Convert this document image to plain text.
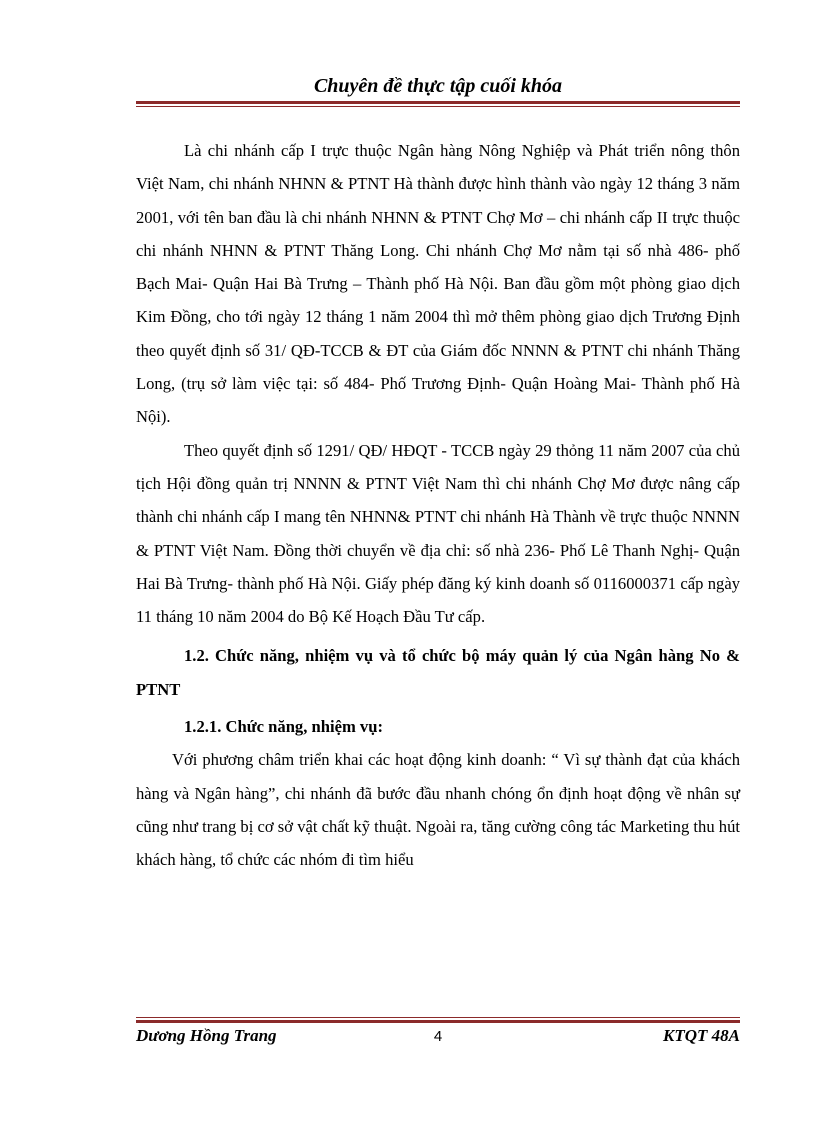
Chuyên đề thực tập cuối khóa

Là chi nhánh cấp I trực thuộc Ngân hàng Nông Nghiệp và Phát triển nông thôn Việt Nam, chi nhánh NHNN & PTNT Hà thành được hình thành vào ngày 12 tháng 3 năm 2001, với tên ban đầu là chi nhánh NHNN & PTNT Chợ Mơ – chi nhánh cấp II trực thuộc chi nhánh NHNN & PTNT Thăng Long. Chi nhánh Chợ Mơ nằm tại số nhà 486- phố Bạch Mai- Quận Hai Bà Trưng – Thành phố Hà Nội. Ban đầu gồm một phòng giao dịch Kim Đồng, cho tới ngày 12 tháng 1 năm 2004 thì mở thêm phòng giao dịch Trương Định theo quyết định số 31/ QĐ-TCCB & ĐT của Giám đốc NNNN & PTNT chi nhánh Thăng Long, (trụ sở làm việc tại: số 484- Phố Trương Định- Quận Hoàng Mai- Thành phố Hà Nội).

Theo quyết định số 1291/ QĐ/ HĐQT - TCCB ngày 29 thỏng 11 năm 2007 của chủ tịch Hội đồng quản trị NNNN & PTNT Việt Nam thì chi nhánh Chợ Mơ được nâng cấp thành chi nhánh cấp I mang tên NHNN& PTNT chi nhánh Hà Thành về trực thuộc NNNN & PTNT Việt Nam. Đồng thời chuyển về địa chỉ: số nhà 236- Phố Lê Thanh Nghị- Quận Hai Bà Trưng- thành phố Hà Nội. Giấy phép đăng ký kinh doanh số 0116000371 cấp ngày 11 tháng 10 năm 2004 do Bộ Kế Hoạch Đầu Tư cấp.

1.2. Chức năng, nhiệm vụ và tổ chức bộ máy quản lý của Ngân hàng No & PTNT

1.2.1. Chức năng, nhiệm vụ:

Với phương châm triển khai các hoạt động kinh doanh: “ Vì sự thành đạt của khách hàng và Ngân hàng”, chi nhánh đã bước đầu nhanh chóng ổn định hoạt động về nhân sự cũng như trang bị cơ sở vật chất kỹ thuật. Ngoài ra, tăng cường công tác Marketing thu hút khách hàng, tổ chức các nhóm đi tìm hiểu

Dương Hồng Trang	4	KTQT 48A
